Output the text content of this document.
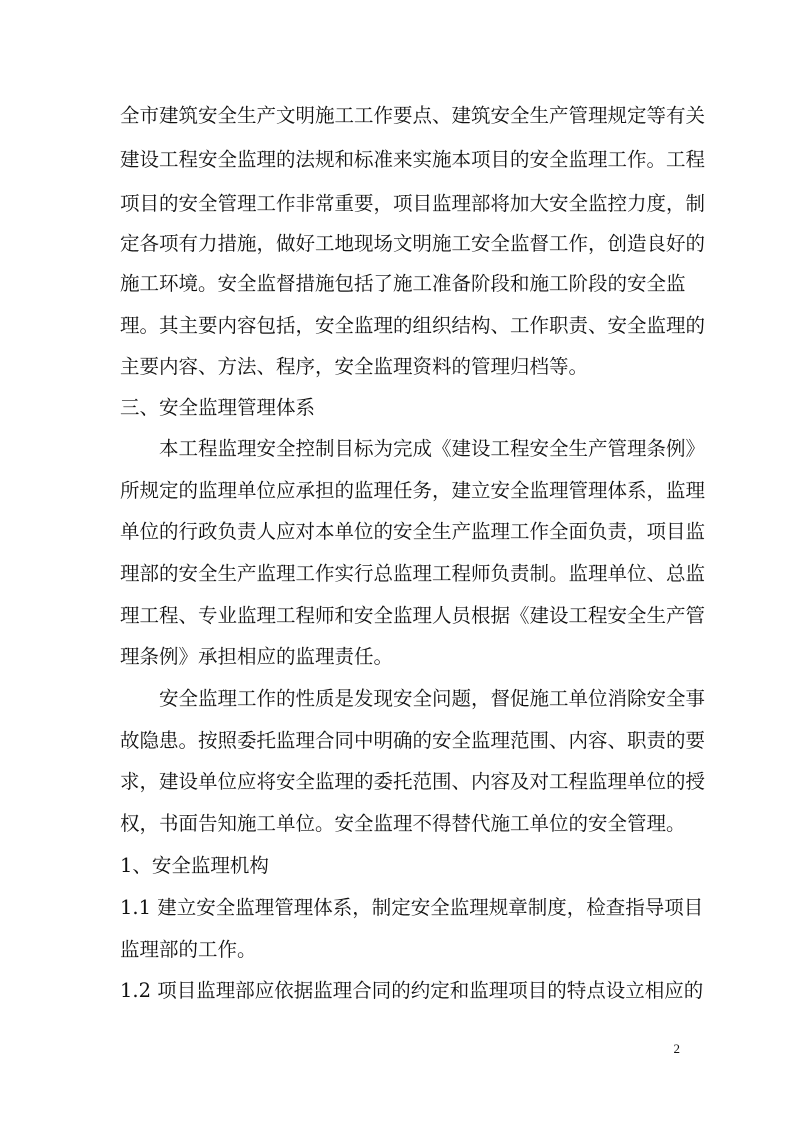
全市建筑安全生产文明施工工作要点、建筑安全生产管理规定等有关
建设工程安全监理的法规和标准来实施本项目的安全监理工作。工程
项目的安全管理工作非常重要，项目监理部将加大安全监控力度，制
定各项有力措施，做好工地现场文明施工安全监督工作，创造良好的
施工环境。安全监督措施包括了施工准备阶段和施工阶段的安全监
理。其主要内容包括，安全监理的组织结构、工作职责、安全监理的
主要内容、方法、程序，安全监理资料的管理归档等。
三、安全监理管理体系
本工程监理安全控制目标为完成《建设工程安全生产管理条例》
所规定的监理单位应承担的监理任务，建立安全监理管理体系，监理
单位的行政负责人应对本单位的安全生产监理工作全面负责，项目监
理部的安全生产监理工作实行总监理工程师负责制。监理单位、总监
理工程、专业监理工程师和安全监理人员根据《建设工程安全生产管
理条例》承担相应的监理责任。
安全监理工作的性质是发现安全问题，督促施工单位消除安全事
故隐患。按照委托监理合同中明确的安全监理范围、内容、职责的要
求，建设单位应将安全监理的委托范围、内容及对工程监理单位的授
权，书面告知施工单位。安全监理不得替代施工单位的安全管理。
1、安全监理机构
1.1 建立安全监理管理体系，制定安全监理规章制度，检查指导项目
监理部的工作。
1.2 项目监理部应依据监理合同的约定和监理项目的特点设立相应的
2
